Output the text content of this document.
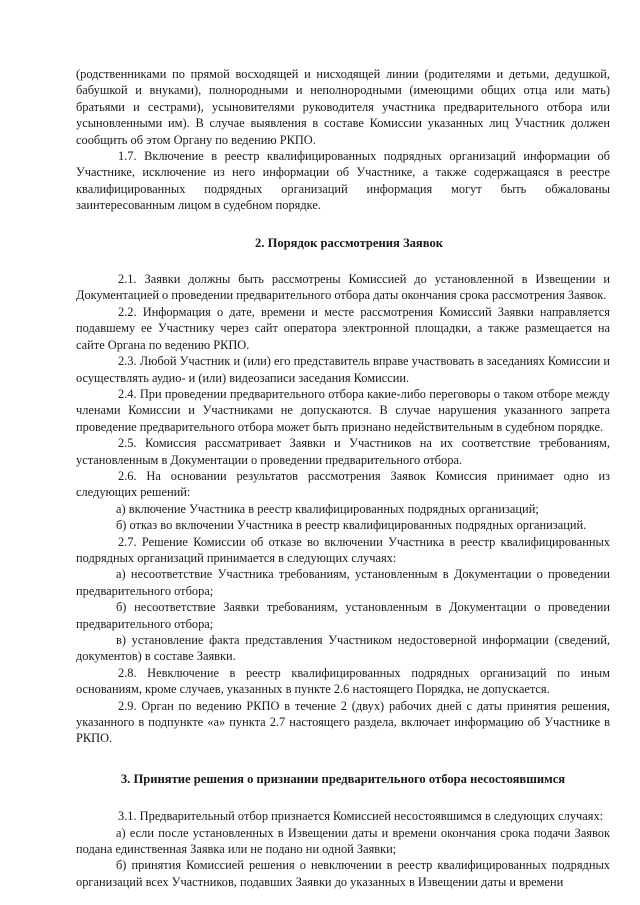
(родственниками по прямой восходящей и нисходящей линии (родителями и детьми, дедушкой, бабушкой и внуками), полнородными и неполнородными (имеющими общих отца или мать) братьями и сестрами), усыновителями руководителя участника предварительного отбора или усыновленными им). В случае выявления в составе Комиссии указанных лиц Участник должен сообщить об этом Органу по ведению РКПО.

1.7. Включение в реестр квалифицированных подрядных организаций информации об Участнике, исключение из него информации об Участнике, а также содержащаяся в реестре квалифицированных подрядных организаций информация могут быть обжалованы заинтересованным лицом в судебном порядке.

2. Порядок рассмотрения Заявок

2.1. Заявки должны быть рассмотрены Комиссией до установленной в Извещении и Документацией о проведении предварительного отбора даты окончания срока рассмотрения Заявок.

2.2. Информация о дате, времени и месте рассмотрения Комиссий Заявки направляется подавшему ее Участнику через сайт оператора электронной площадки, а также размещается на сайте Органа по ведению РКПО.

2.3. Любой Участник и (или) его представитель вправе участвовать в заседаниях Комиссии и осуществлять аудио- и (или) видеозаписи заседания Комиссии.

2.4. При проведении предварительного отбора какие-либо переговоры о таком отборе между членами Комиссии и Участниками не допускаются. В случае нарушения указанного запрета проведение предварительного отбора может быть признано недействительным в судебном порядке.

2.5. Комиссия рассматривает Заявки и Участников на их соответствие требованиям, установленным в Документации о проведении предварительного отбора.

2.6. На основании результатов рассмотрения Заявок Комиссия принимает одно из следующих решений:

а) включение Участника в реестр квалифицированных подрядных организаций;

б) отказ во включении Участника в реестр квалифицированных подрядных организаций.

2.7. Решение Комиссии об отказе во включении Участника в реестр квалифицированных подрядных организаций принимается в следующих случаях:

а) несоответствие Участника требованиям, установленным в Документации о проведении предварительного отбора;

б) несоответствие Заявки требованиям, установленным в Документации о проведении предварительного отбора;

в) установление факта представления Участником недостоверной информации (сведений, документов) в составе Заявки.

2.8. Невключение в реестр квалифицированных подрядных организаций по иным основаниям, кроме случаев, указанных в пункте 2.6 настоящего Порядка, не допускается.

2.9. Орган по ведению РКПО в течение 2 (двух) рабочих дней с даты принятия решения, указанного в подпункте «а» пункта 2.7 настоящего раздела, включает информацию об Участнике в РКПО.

3. Принятие решения о признании предварительного отбора несостоявшимся

3.1. Предварительный отбор признается Комиссией несостоявшимся в следующих случаях:

а) если после установленных в Извещении даты и времени окончания срока подачи Заявок подана единственная Заявка или не подано ни одной Заявки;

б) принятия Комиссией решения о невключении в реестр квалифицированных подрядных организаций всех Участников, подавших Заявки до указанных в Извещении даты и времени
